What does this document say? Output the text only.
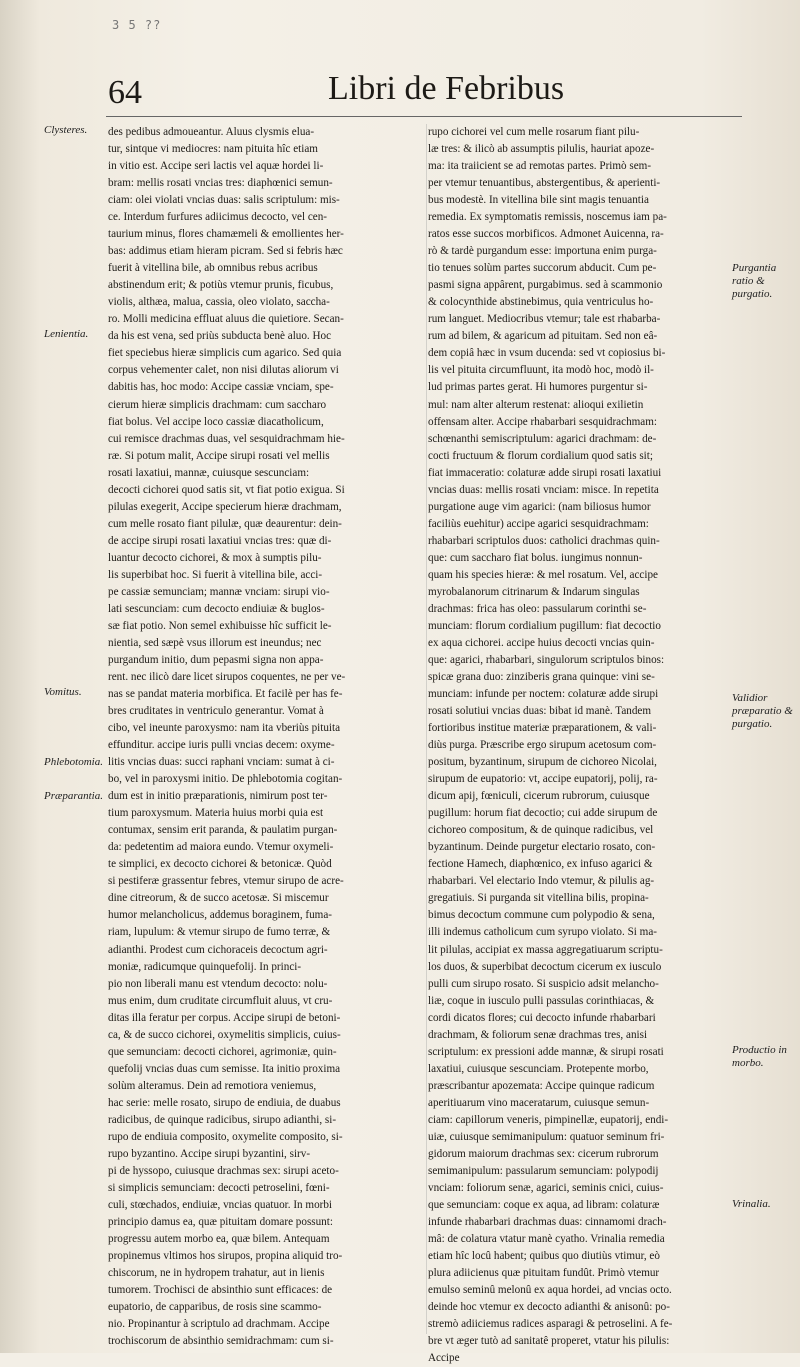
3 5 ??
64	Libri de Febribus
Clysteres.
Lenientia.
Vomitus.
Phlebotomia.
Præparantia.
Purgantia ratio & purgatio.
Validior præparatio & purgatio.
Productio in morbo.
Vrinalia.
des pedibus admoueantur. Aluus clysmis elua-
tur, sintque vi mediocres: nam pituita hîc etiam
in vitio est. Accipe seri lactis vel aquæ hordei li-
bram: mellis rosati vncias tres: diaphœnici semun-
ciam: olei violati vncias duas: salis scriptulum: mis-
ce. Interdum furfures adiicimus decocto, vel cen-
taurium minus, flores chamæmeli & emollientes her-
bas: addimus etiam hieram picram. Sed si febris hæc
fuerit à vitellina bile, ab omnibus rebus acribus
abstinendum erit; & potiùs vtemur prunis, ficubus,
violis, althæa, malua, cassia, oleo violato, saccha-
ro. Molli medicina effluat aluus die quietiore. Secan-
da his est vena, sed priùs subducta benè aluo. Hoc
fiet speciebus hieræ simplicis cum agarico. Sed quia
corpus vehementer calet, non nisi dilutas aliorum vi
dabitis has, hoc modo: Accipe cassiæ vnciam, spe-
cierum hieræ simplicis drachmam: cum saccharo
fiat bolus. Vel accipe loco cassiæ diacatholicum,
cui remisce drachmas duas, vel sesquidrachmam hie-
ræ. Si potum malit, Accipe sirupi rosati vel mellis
rosati laxatiui, mannæ, cuiusque sescunciam:
decocti cichorei quod satis sit, vt fiat potio exigua. Si
pilulas exegerit, Accipe specierum hieræ drachmam,
cum melle rosato fiant pilulæ, quæ deaurentur: dein-
de accipe sirupi rosati laxatiui vncias tres: quæ di-
luantur decocto cichorei, & mox à sumptis pilu-
lis superbibat hoc. Si fuerit à vitellina bile, acci-
pe cassiæ semunciam; mannæ vnciam: sirupi vio-
lati sescunciam: cum decocto endiuiæ & buglos-
sæ fiat potio. Non semel exhibuisse hîc sufficit le-
nientia, sed sæpè vsus illorum est ineundus; nec
purgandum initio, dum pepasmi signa non appa-
rent. nec ilicò dare licet sirupos coquentes, ne per ve-
nas se pandat materia morbifica. Et facilè per has fe-
bres cruditates in ventriculo generantur. Vomat à
cibo, vel ineunte paroxysmo: nam ita vberiùs pituita
effunditur. accipe iuris pulli vncias decem: oxyme-
litis vncias duas: succi raphani vnciam: sumat à ci-
bo, vel in paroxysmi initio. De phlebotomia cogitan-
dum est in initio præparationis, nimirum post ter-
tium paroxysmum. Materia huius morbi quia est
contumax, sensim erit paranda, & paulatim purgan-
da: pedetentim ad maiora eundo. Vtemur oxymeli-
te simplici, ex decocto cichorei & betonicæ. Quòd
si pestiferæ grassentur febres, vtemur sirupo de acre-
dine citreorum, & de succo acetosæ. Si miscemur
humor melancholicus, addemus boraginem, fuma-
riam, lupulum: & vtemur sirupo de fumo terræ, &
adianthi. Prodest cum cichoraceis decoctum agri-
moniæ, radicumque quinquefolij. In princi-
pio non liberali manu est vtendum decocto: nolu-
mus enim, dum cruditate circumfluit aluus, vt cru-
ditas illa feratur per corpus. Accipe sirupi de betoni-
ca, & de succo cichorei, oxymelitis simplicis, cuius-
que semunciam: decocti cichorei, agrimoniæ, quin-
quefolij vncias duas cum semisse. Ita initio proxima
solùm alteramus. Dein ad remotiora veniemus,
hac serie: melle rosato, sirupo de endiuia, de duabus
radicibus, de quinque radicibus, sirupo adianthi, si-
rupo de endiuia composito, oxymelite composito, si-
rupo byzantino. Accipe sirupi byzantini, sirv-
pi de hyssopo, cuiusque drachmas sex: sirupi aceto-
si simplicis semunciam: decocti petroselini, fœni-
culi, stœchados, endiuiæ, vncias quatuor. In morbi
principio damus ea, quæ pituitam domare possunt:
progressu autem morbo ea, quæ bilem. Antequam
propinemus vltimos hos sirupos, propina aliquid tro-
chiscorum, ne in hydropem trahatur, aut in lienis
tumorem. Trochisci de absinthio sunt efficaces: de
eupatorio, de capparibus, de rosis sine scammo-
nio. Propinantur à scriptulo ad drachmam. Accipe
trochiscorum de absinthio semidrachmam: cum si-
rupo cichorei vel cum melle rosarum fiant pilu-
læ tres: & ilicò ab assumptis pilulis, hauriat apoze-
ma: ita traiicient se ad remotas partes. Primò sem-
per vtemur tenuantibus, abstergentibus, & aperienti-
bus modestè. In vitellina bile sint magis tenuantia
remedia. Ex symptomatis remissis, noscemus iam pa-
ratos esse succos morbificos. Admonet Auicenna, ra-
rò & tardè purgandum esse: importuna enim purga-
tio tenues solùm partes succorum abducit. Cum pe-
pasmi signa appârent, purgabimus. sed à scammonio
& colocynthide abstinebimus, quia ventriculus ho-
rum languet. Mediocribus vtemur; tale est rhabarba-
rum ad bilem, & agaricum ad pituitam. Sed non eâ-
dem copiâ hæc in vsum ducenda: sed vt copiosius bi-
lis vel pituita circumfluunt, ita modò hoc, modò il-
lud primas partes gerat. Hi humores purgentur si-
mul: nam alter alterum restenat: alioqui exilietin
offensam alter. Accipe rhabarbari sesquidrachmam:
schœnanthi semiscriptulum: agarici drachmam: de-
cocti fructuum & florum cordialium quod satis sit;
fiat immaceratio: colaturæ adde sirupi rosati laxatiui
vncias duas: mellis rosati vnciam: misce. In repetita
purgatione auge vim agarici: (nam biliosus humor
faciliùs euehitur) accipe agarici sesquidrachmam:
rhabarbari scriptulos duos: catholici drachmas quin-
que: cum saccharo fiat bolus. iungimus nonnun-
quam his species hieræ: & mel rosatum. Vel, accipe
myrobalanorum citrinarum & Indarum singulas
drachmas: frica has oleo: passularum corinthi se-
munciam: florum cordialium pugillum: fiat decoctio
ex aqua cichorei. accipe huius decocti vncias quin-
que: agarici, rhabarbari, singulorum scriptulos binos:
spicæ grana duo: zinziberis grana quinque: vini se-
munciam: infunde per noctem: colaturæ adde sirupi
rosati solutiui vncias duas: bibat id manè. Tandem
fortioribus institue materiæ præparationem, & vali-
diùs purga. Præscribe ergo sirupum acetosum com-
positum, byzantinum, sirupum de cichoreo Nicolai,
sirupum de eupatorio: vt, accipe eupatorij, polij, ra-
dicum apij, fœniculi, cicerum rubrorum, cuiusque
pugillum: horum fiat decoctio; cui adde sirupum de
cichoreo compositum, & de quinque radicibus, vel
byzantinum. Deinde purgetur electario rosato, con-
fectione Hamech, diaphœnico, ex infuso agarici &
rhabarbari. Vel electario Indo vtemur, & pilulis ag-
gregatiuis. Si purganda sit vitellina bilis, propina-
bimus decoctum commune cum polypodio & sena,
illi indemus catholicum cum syrupo violato. Si ma-
lit pilulas, accipiat ex massa aggregatiuarum scriptu-
los duos, & superbibat decoctum cicerum ex iusculo
pulli cum sirupo rosato. Si suspicio adsit melancho-
liæ, coque in iusculo pulli passulas corinthiacas, &
cordi dicatos flores; cui decocto infunde rhabarbari
drachmam, & foliorum senæ drachmas tres, anisi
scriptulum: ex pressioni adde mannæ, & sirupi rosati
laxatiui, cuiusque sescunciam. Protepente morbo,
præscribantur apozemata: Accipe quinque radicum
aperitiuarum vino maceratarum, cuiusque semun-
ciam: capillorum veneris, pimpinellæ, eupatorij, endi-
uiæ, cuiusque semimanipulum: quatuor seminum fri-
gidorum maiorum drachmas sex: cicerum rubrorum
semimanipulum: passularum semunciam: polypodij
vnciam: foliorum senæ, agarici, seminis cnici, cuius-
que semunciam: coque ex aqua, ad libram: colaturæ
infunde rhabarbari drachmas duas: cinnamomi drach-
mâ: de colatura vtatur manè cyatho. Vrinalia remedia
etiam hîc locû habent; quibus quo diutiùs vtimur, eò
plura adiicienus quæ pituitam fundût. Primò vtemur
emulso seminû melonû ex aqua hordei, ad vncias octo.
deinde hoc vtemur ex decocto adianthi & anisonû: po-
stremò adiiciemus radices asparagi & petroselini. A fe-
bre vt æger tutò ad sanitatê properet, vtatur his pilulis:
Accipe
